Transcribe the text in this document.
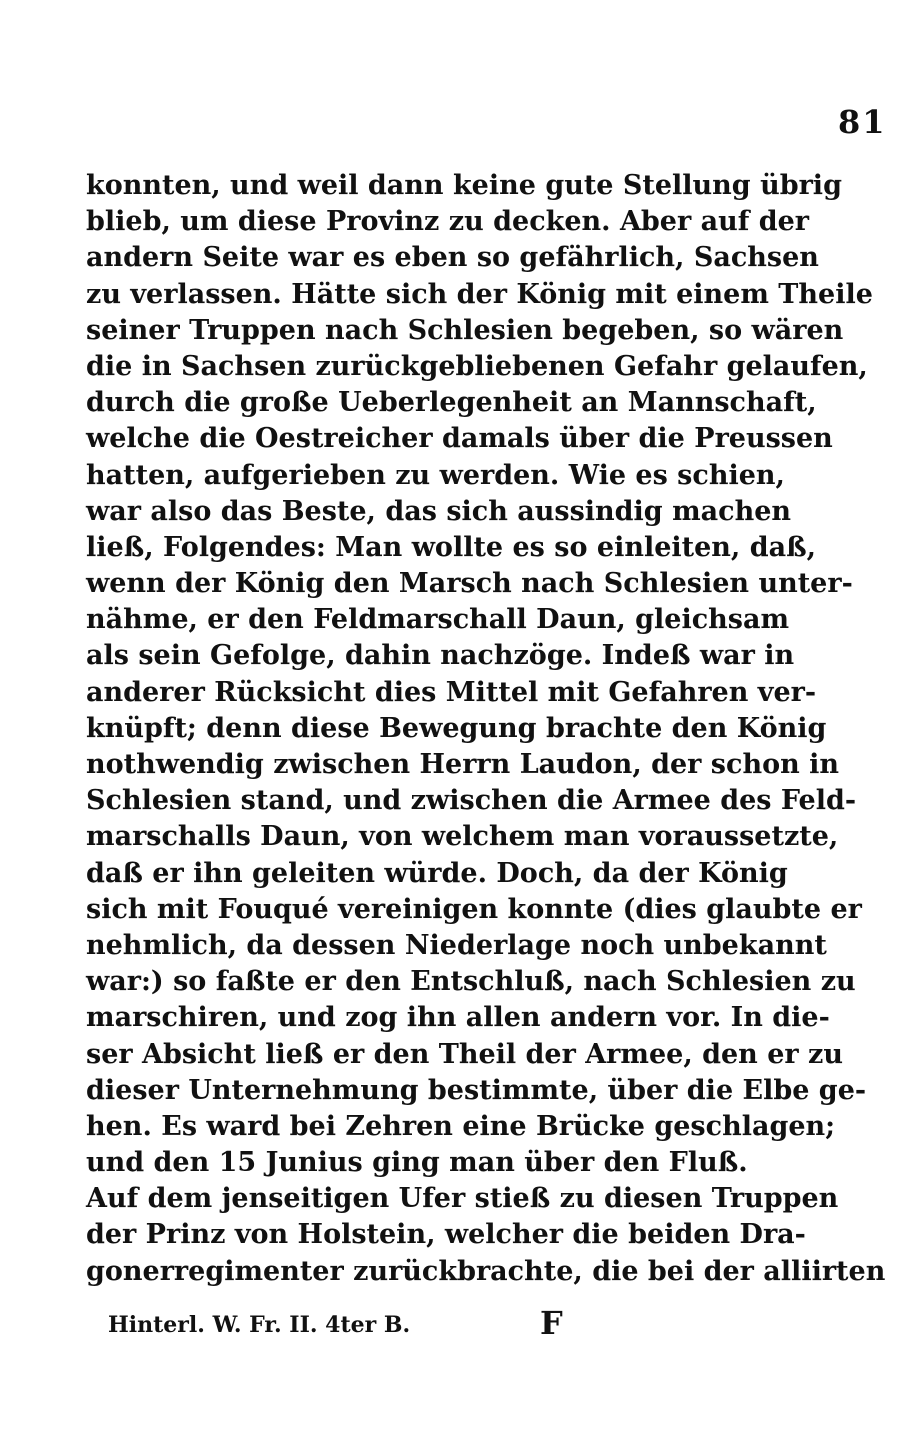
81
konnten, und weil dann keine gute Stellung übrig
blieb, um diese Provinz zu decken. Aber auf der
andern Seite war es eben so gefährlich, Sachsen
zu verlassen. Hätte sich der König mit einem Theile
seiner Truppen nach Schlesien begeben, so wären
die in Sachsen zurückgebliebenen Gefahr gelaufen,
durch die große Ueberlegenheit an Mannschaft,
welche die Oestreicher damals über die Preussen
hatten, aufgerieben zu werden. Wie es schien,
war also das Beste, das sich aussindig machen
ließ, Folgendes: Man wollte es so einleiten, daß,
wenn der König den Marsch nach Schlesien unter-
nähme, er den Feldmarschall Daun, gleichsam
als sein Gefolge, dahin nachzöge. Indeß war in
anderer Rücksicht dies Mittel mit Gefahren ver-
knüpft; denn diese Bewegung brachte den König
nothwendig zwischen Herrn Laudon, der schon in
Schlesien stand, und zwischen die Armee des Feld-
marschalls Daun, von welchem man voraussetzte,
daß er ihn geleiten würde. Doch, da der König
sich mit Fouqué vereinigen konnte (dies glaubte er
nehmlich, da dessen Niederlage noch unbekannt
war:) so faßte er den Entschluß, nach Schlesien zu
marschiren, und zog ihn allen andern vor. In die-
ser Absicht ließ er den Theil der Armee, den er zu
dieser Unternehmung bestimmte, über die Elbe ge-
hen. Es ward bei Zehren eine Brücke geschlagen;
und den 15 Junius ging man über den Fluß.
Auf dem jenseitigen Ufer stieß zu diesen Truppen
der Prinz von Holstein, welcher die beiden Dra-
gonerregimenter zurückbrachte, die bei der alliirten
Hinterl. W. Fr. II. 4ter B.	F
